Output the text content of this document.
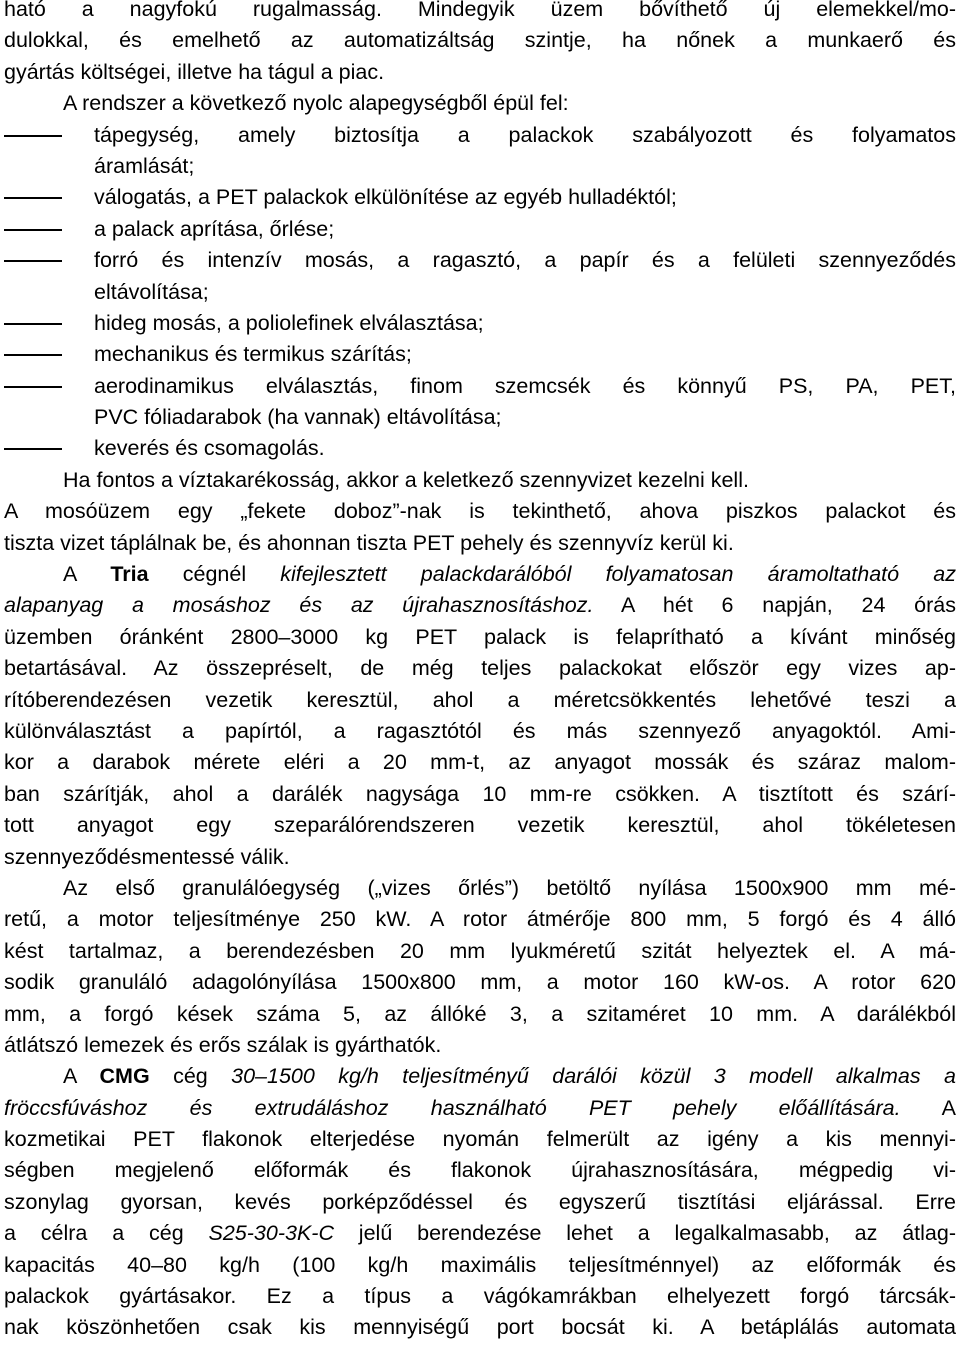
ható a nagyfokú rugalmasság. Mindegyik üzem bővíthető új elemekkel/mo-
dulokkal, és emelhető az automatizáltság szintje, ha nőnek a munkaerő és
gyártás költségei, illetve ha tágul a piac.
A rendszer a következő nyolc alapegységből épül fel:
tápegység, amely biztosítja a palackok szabályozott és folyamatos
áramlását;
válogatás, a PET palackok elkülönítése az egyéb hulladéktól;
a palack aprítása, őrlése;
forró és intenzív mosás, a ragasztó, a papír és a felületi szennyeződés
eltávolítása;
hideg mosás, a poliolefinek elválasztása;
mechanikus és termikus szárítás;
aerodinamikus elválasztás, finom szemcsék és könnyű PS, PA, PET,
PVC fóliadarabok (ha vannak) eltávolítása;
keverés és csomagolás.
Ha fontos a víztakarékosság, akkor a keletkező szennyvizet kezelni kell.
A mosóüzem egy „fekete doboz”-nak is tekinthető, ahova piszkos palackot és
tiszta vizet táplálnak be, és ahonnan tiszta PET pehely és szennyvíz kerül ki.
A Tria cégnél kifejlesztett palackdarálóból folyamatosan áramoltatható az
alapanyag a mosáshoz és az újrahasznosításhoz. A hét 6 napján, 24 órás
üzemben óránként 2800–3000 kg PET palack is felaprítható a kívánt minőség
betartásával. Az összepréselt, de még teljes palackokat először egy vizes ap-
rítóberendezésen vezetik keresztül, ahol a méretcsökkentés lehetővé teszi a
különválasztást a papírtól, a ragasztótól és más szennyező anyagoktól. Ami-
kor a darabok mérete eléri a 20 mm-t, az anyagot mossák és száraz malom-
ban szárítják, ahol a darálék nagysága 10 mm-re csökken. A tisztított és szárí-
tott anyagot egy szeparálórendszeren vezetik keresztül, ahol tökéletesen
szennyeződésmentessé válik.
Az első granulálóegység („vizes őrlés”) betöltő nyílása 1500x900 mm mé-
retű, a motor teljesítménye 250 kW. A rotor átmérője 800 mm, 5 forgó és 4 álló
kést tartalmaz, a berendezésben 20 mm lyukméretű szitát helyeztek el. A má-
sodik granuláló adagolónyílása 1500x800 mm, a motor 160 kW-os. A rotor 620
mm, a forgó kések száma 5, az állóké 3, a szitaméret 10 mm. A darálékból
átlátszó lemezek és erős szálak is gyárthatók.
A CMG cég 30–1500 kg/h teljesítményű darálói közül 3 modell alkalmas a
fröccsfúváshoz és extrudáláshoz használható PET pehely előállítására. A
kozmetikai PET flakonok elterjedése nyomán felmerült az igény a kis mennyi-
ségben megjelenő előformák és flakonok újrahasznosítására, mégpedig vi-
szonylag gyorsan, kevés porképződéssel és egyszerű tisztítási eljárással. Erre
a célra a cég S25-30-3K-C jelű berendezése lehet a legalkalmasabb, az átlag-
kapacitás 40–80 kg/h (100 kg/h maximális teljesítménnyel) az előformák és
palackok gyártásakor. Ez a típus a vágókamrákban elhelyezett forgó tárcsák-
nak köszönhetően csak kis mennyiségű port bocsát ki. A betáplálás automata
